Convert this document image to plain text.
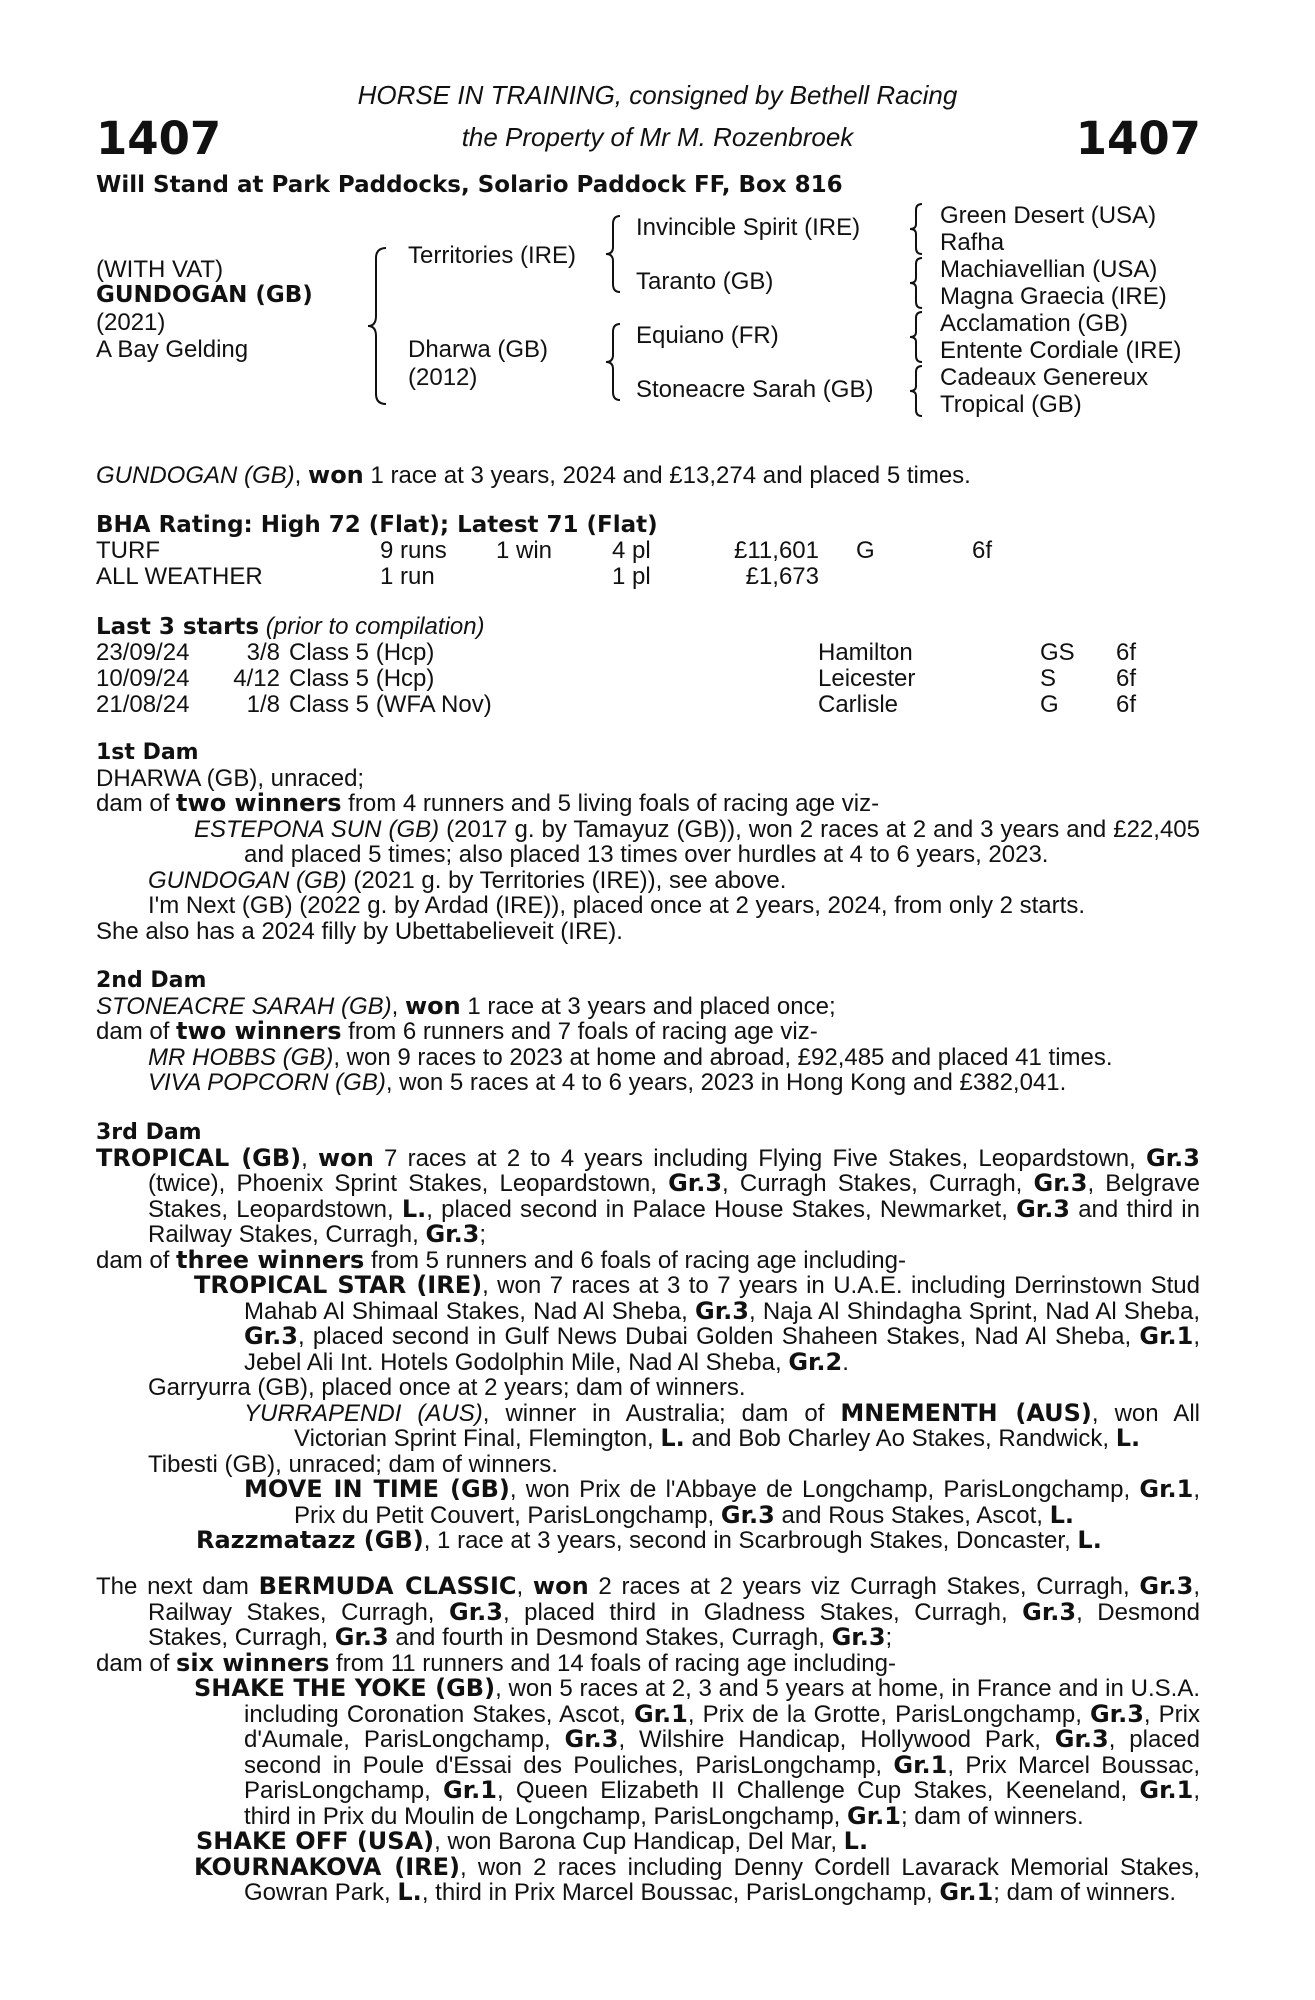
1407	1407
HORSE IN TRAINING, consigned by Bethell Racing
the Property of Mr M. Rozenbroek
Will Stand at Park Paddocks, Solario Paddock FF, Box 816
(WITH VAT)
GUNDOGAN (GB)
(2021)
A Bay Gelding
Territories (IRE)
Dharwa (GB)
(2012)
Invincible Spirit (IRE)
Taranto (GB)
Equiano (FR)
Stoneacre Sarah (GB)
Green Desert (USA)
Rafha
Machiavellian (USA)
Magna Graecia (IRE)
Acclamation (GB)
Entente Cordiale (IRE)
Cadeaux Genereux
Tropical (GB)
GUNDOGAN (GB), won 1 race at 3 years, 2024 and £13,274 and placed 5 times.
BHA Rating: High 72 (Flat); Latest 71 (Flat)
TURF	9 runs 1 win 4 pl	£11,601 G	6f
ALL WEATHER	1 run	1 pl	£1,673
Last 3 starts (prior to compilation)
23/09/24 3/8 Class 5 (Hcp)	Hamilton	GS 6f
10/09/24 4/12 Class 5 (Hcp)	Leicester	S 6f
21/08/24 1/8 Class 5 (WFA Nov)	Carlisle	G 6f
1st Dam

DHARWA (GB), unraced;

dam of two winners from 4 runners and 5 living foals of racing age viz-

ESTEPONA SUN (GB) (2017 g. by Tamayuz (GB)), won 2 races at 2 and 3 years and £22,405 and placed 5 times; also placed 13 times over hurdles at 4 to 6 years, 2023.

GUNDOGAN (GB) (2021 g. by Territories (IRE)), see above.

I'm Next (GB) (2022 g. by Ardad (IRE)), placed once at 2 years, 2024, from only 2 starts.

She also has a 2024 filly by Ubettabelieveit (IRE).

2nd Dam

STONEACRE SARAH (GB), won 1 race at 3 years and placed once;

dam of two winners from 6 runners and 7 foals of racing age viz-

MR HOBBS (GB), won 9 races to 2023 at home and abroad, £92,485 and placed 41 times.

VIVA POPCORN (GB), won 5 races at 4 to 6 years, 2023 in Hong Kong and £382,041.

3rd Dam

TROPICAL (GB), won 7 races at 2 to 4 years including Flying Five Stakes, Leopardstown, Gr.3 (twice), Phoenix Sprint Stakes, Leopardstown, Gr.3, Curragh Stakes, Curragh, Gr.3, Belgrave Stakes, Leopardstown, L., placed second in Palace House Stakes, Newmarket, Gr.3 and third in Railway Stakes, Curragh, Gr.3;

dam of three winners from 5 runners and 6 foals of racing age including-

TROPICAL STAR (IRE), won 7 races at 3 to 7 years in U.A.E. including Derrinstown Stud Mahab Al Shimaal Stakes, Nad Al Sheba, Gr.3, Naja Al Shindagha Sprint, Nad Al Sheba, Gr.3, placed second in Gulf News Dubai Golden Shaheen Stakes, Nad Al Sheba, Gr.1, Jebel Ali Int. Hotels Godolphin Mile, Nad Al Sheba, Gr.2.

Garryurra (GB), placed once at 2 years; dam of winners.

YURRAPENDI (AUS), winner in Australia; dam of MNEMENTH (AUS), won All Victorian Sprint Final, Flemington, L. and Bob Charley Ao Stakes, Randwick, L.

Tibesti (GB), unraced; dam of winners.

MOVE IN TIME (GB), won Prix de l'Abbaye de Longchamp, ParisLongchamp, Gr.1, Prix du Petit Couvert, ParisLongchamp, Gr.3 and Rous Stakes, Ascot, L.

Razzmatazz (GB), 1 race at 3 years, second in Scarbrough Stakes, Doncaster, L.

The next dam BERMUDA CLASSIC, won 2 races at 2 years viz Curragh Stakes, Curragh, Gr.3, Railway Stakes, Curragh, Gr.3, placed third in Gladness Stakes, Curragh, Gr.3, Desmond Stakes, Curragh, Gr.3 and fourth in Desmond Stakes, Curragh, Gr.3;

dam of six winners from 11 runners and 14 foals of racing age including-

SHAKE THE YOKE (GB), won 5 races at 2, 3 and 5 years at home, in France and in U.S.A. including Coronation Stakes, Ascot, Gr.1, Prix de la Grotte, ParisLongchamp, Gr.3, Prix d'Aumale, ParisLongchamp, Gr.3, Wilshire Handicap, Hollywood Park, Gr.3, placed second in Poule d'Essai des Pouliches, ParisLongchamp, Gr.1, Prix Marcel Boussac, ParisLongchamp, Gr.1, Queen Elizabeth II Challenge Cup Stakes, Keeneland, Gr.1, third in Prix du Moulin de Longchamp, ParisLongchamp, Gr.1; dam of winners.

SHAKE OFF (USA), won Barona Cup Handicap, Del Mar, L.

KOURNAKOVA (IRE), won 2 races including Denny Cordell Lavarack Memorial Stakes, Gowran Park, L., third in Prix Marcel Boussac, ParisLongchamp, Gr.1; dam of winners.
